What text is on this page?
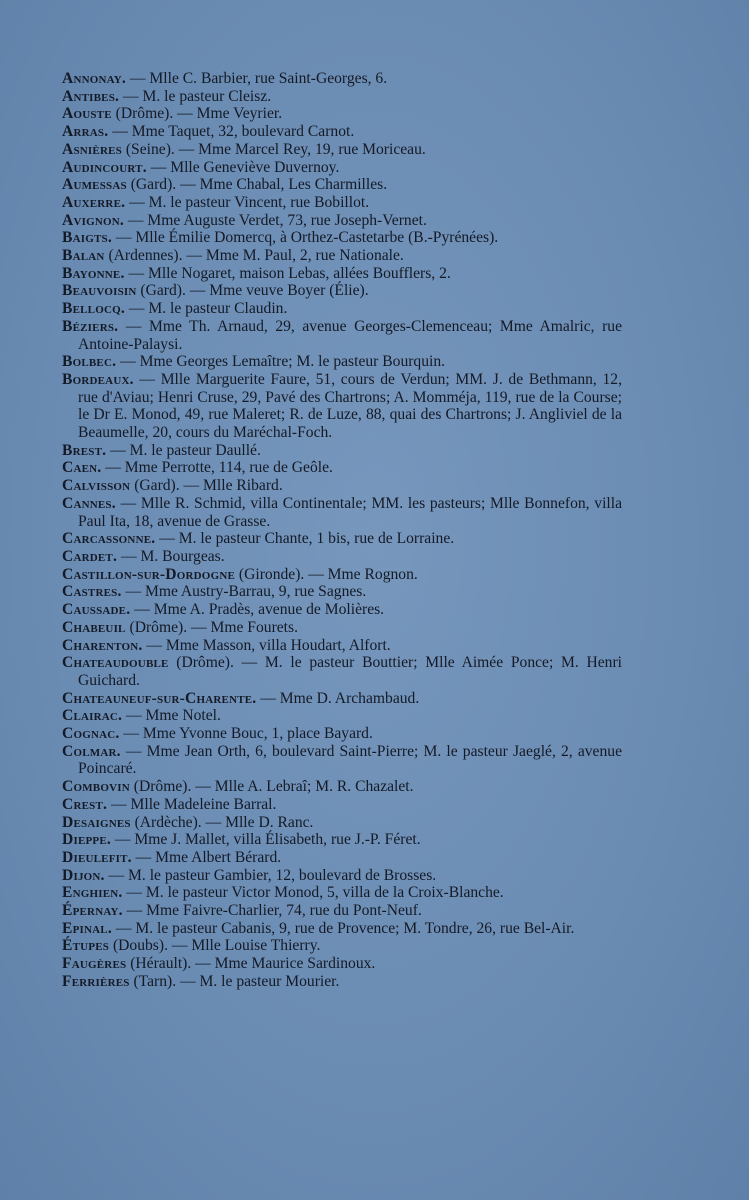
Annonay. — Mlle C. Barbier, rue Saint-Georges, 6.

Antibes. — M. le pasteur Cleisz.

Aouste (Drôme). — Mme Veyrier.

Arras. — Mme Taquet, 32, boulevard Carnot.

Asnières (Seine). — Mme Marcel Rey, 19, rue Moriceau.

Audincourt. — Mlle Geneviève Duvernoy.

Aumessas (Gard). — Mme Chabal, Les Charmilles.

Auxerre. — M. le pasteur Vincent, rue Bobillot.

Avignon. — Mme Auguste Verdet, 73, rue Joseph-Vernet.

Baigts. — Mlle Émilie Domercq, à Orthez-Castetarbe (B.-Pyrénées).

Balan (Ardennes). — Mme M. Paul, 2, rue Nationale.

Bayonne. — Mlle Nogaret, maison Lebas, allées Boufflers, 2.

Beauvoisin (Gard). — Mme veuve Boyer (Élie).

Bellocq. — M. le pasteur Claudin.

Béziers. — Mme Th. Arnaud, 29, avenue Georges-Clemenceau; Mme Amalric, rue Antoine-Palaysi.

Bolbec. — Mme Georges Lemaître; M. le pasteur Bourquin.

Bordeaux. — Mlle Marguerite Faure, 51, cours de Verdun; MM. J. de Bethmann, 12, rue d'Aviau; Henri Cruse, 29, Pavé des Chartrons; A. Momméja, 119, rue de la Course; le Dr E. Monod, 49, rue Maleret; R. de Luze, 88, quai des Chartrons; J. Angliviel de la Beaumelle, 20, cours du Maréchal-Foch.

Brest. — M. le pasteur Daullé.

Caen. — Mme Perrotte, 114, rue de Geôle.

Calvisson (Gard). — Mlle Ribard.

Cannes. — Mlle R. Schmid, villa Continentale; MM. les pasteurs; Mlle Bonnefon, villa Paul Ita, 18, avenue de Grasse.

Carcassonne. — M. le pasteur Chante, 1 bis, rue de Lorraine.

Cardet. — M. Bourgeas.

Castillon-sur-Dordogne (Gironde). — Mme Rognon.

Castres. — Mme Austry-Barrau, 9, rue Sagnes.

Caussade. — Mme A. Pradès, avenue de Molières.

Chabeuil (Drôme). — Mme Fourets.

Charenton. — Mme Masson, villa Houdart, Alfort.

Chateaudouble (Drôme). — M. le pasteur Bouttier; Mlle Aimée Ponce; M. Henri Guichard.

Chateauneuf-sur-Charente. — Mme D. Archambaud.

Clairac. — Mme Notel.

Cognac. — Mme Yvonne Bouc, 1, place Bayard.

Colmar. — Mme Jean Orth, 6, boulevard Saint-Pierre; M. le pasteur Jaeglé, 2, avenue Poincaré.

Combovin (Drôme). — Mlle A. Lebraî; M. R. Chazalet.

Crest. — Mlle Madeleine Barral.

Desaignes (Ardèche). — Mlle D. Ranc.

Dieppe. — Mme J. Mallet, villa Élisabeth, rue J.-P. Féret.

Dieulefit. — Mme Albert Bérard.

Dijon. — M. le pasteur Gambier, 12, boulevard de Brosses.

Enghien. — M. le pasteur Victor Monod, 5, villa de la Croix-Blanche.

Épernay. — Mme Faivre-Charlier, 74, rue du Pont-Neuf.

Epinal. — M. le pasteur Cabanis, 9, rue de Provence; M. Tondre, 26, rue Bel-Air.

Étupes (Doubs). — Mlle Louise Thierry.

Faugères (Hérault). — Mme Maurice Sardinoux.

Ferrières (Tarn). — M. le pasteur Mourier.
